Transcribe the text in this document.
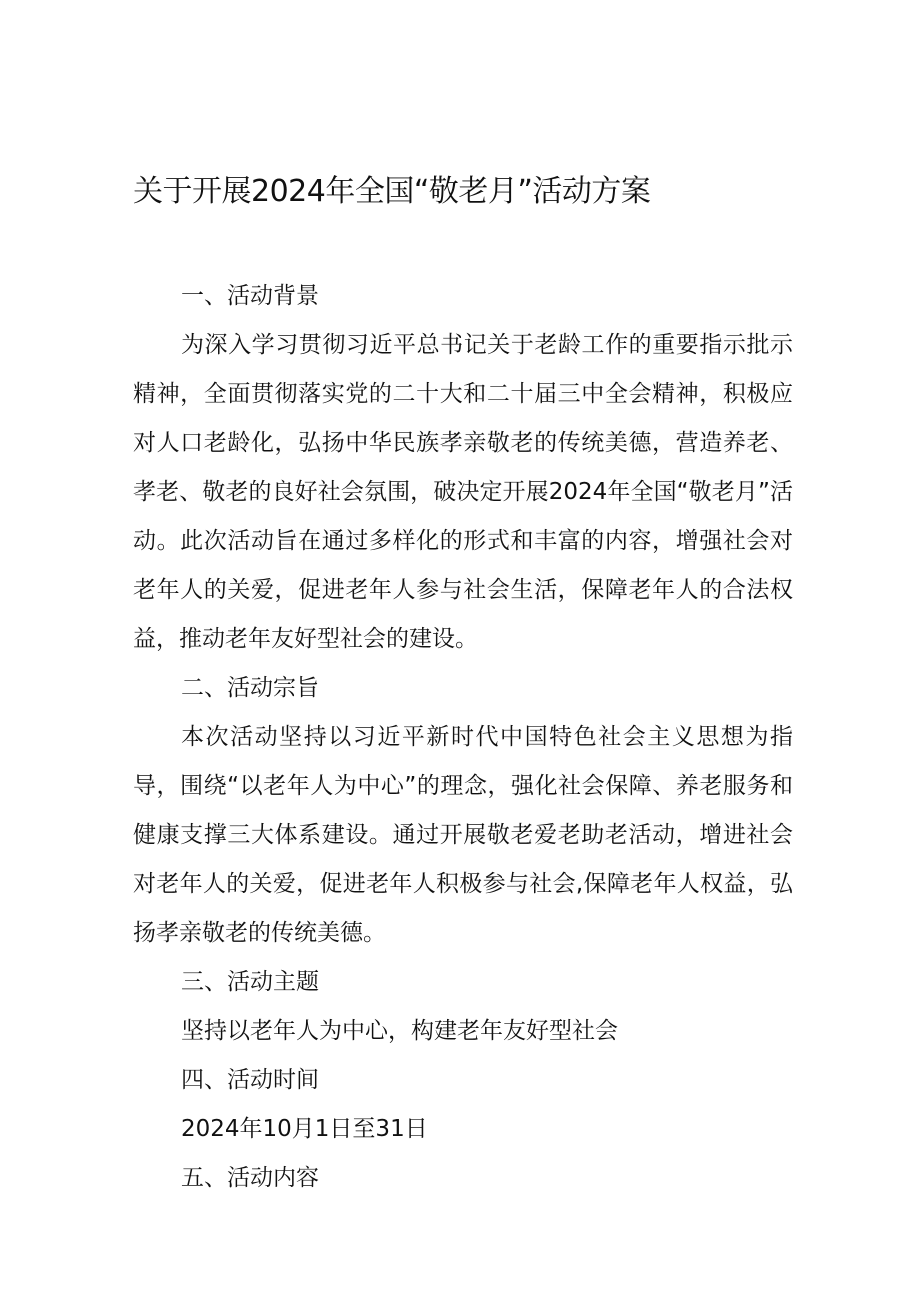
关于开展2024年全国“敬老月”活动方案

一、活动背景

为深入学习贯彻习近平总书记关于老龄工作的重要指示批示精神，全面贯彻落实党的二十大和二十届三中全会精神，积极应对人口老龄化，弘扬中华民族孝亲敬老的传统美德，营造养老、孝老、敬老的良好社会氛围，破决定开展2024年全国“敬老月”活动。此次活动旨在通过多样化的形式和丰富的内容，增强社会对老年人的关爱，促进老年人参与社会生活，保障老年人的合法权益，推动老年友好型社会的建设。

二、活动宗旨

本次活动坚持以习近平新时代中国特色社会主义思想为指导，围绕“以老年人为中心”的理念，强化社会保障、养老服务和健康支撑三大体系建设。通过开展敬老爱老助老活动，增进社会对老年人的关爱，促进老年人积极参与社会,保障老年人权益，弘扬孝亲敬老的传统美德。

三、活动主题

坚持以老年人为中心，构建老年友好型社会

四、活动时间

2024年10月1日至31日

五、活动内容
